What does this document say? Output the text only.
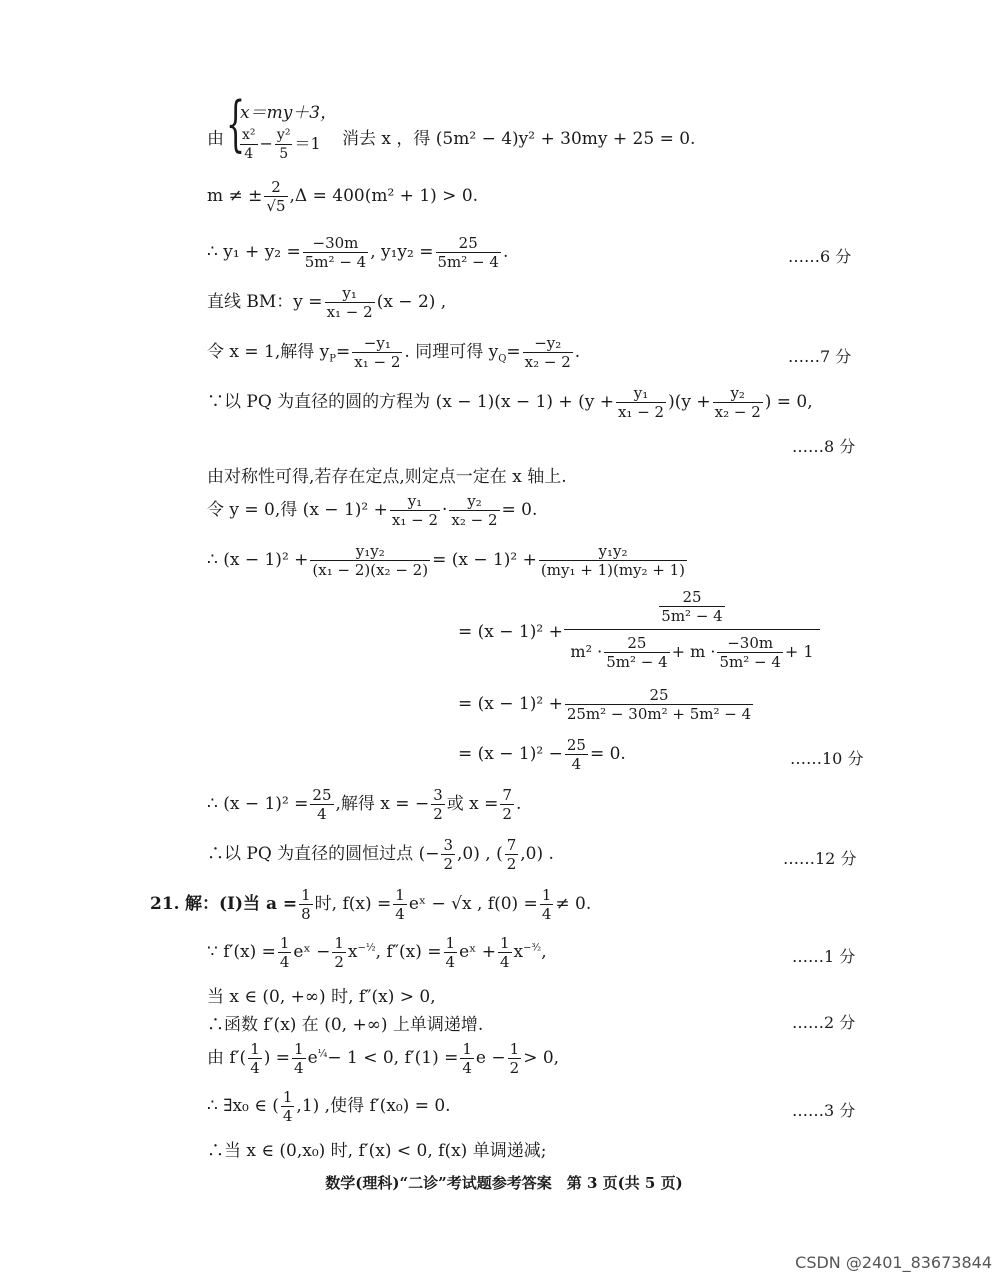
由 {
x＝my＋3，
$\frac{\text{x²}}{4} - \frac{\text{y²}}{5} =1$ 消去 x ，得 (5m² − 4)y² + 30my + 25 = 0.
m ≠ ± $\frac{2}{√5} ,\Delta = 400(m^2 + 1) > 0$.
∴ $y_1 + y_2 = \frac{-30m}{\text{5m² − 4}}$ , $y_1y_2 = \frac{25}{\text{5m² − 4}}$ .	……6 分
直线 BM：$y = \frac{\text{y₁}}{\text{x₁ − 2}} (x - 2)$ ,
令 x = 1,解得 $y_P= \frac{\text{−y₁}}{\text{x₁ − 2}}$ . 同理可得 $y_Q= \frac{\text{−y₂}}{\text{x₂ − 2}}$ .	……7 分
∵以 PQ 为直径的圆的方程为 $(x - 1)(x - 1) + (y + \frac{\text{y₁}}{\text{x₁ − 2}} )(y + \frac{\text{y₂}}{\text{x₂ − 2}}$ ) = 0,
……8 分
由对称性可得,若存在定点,则定点一定在 x 轴上.
令 y = 0,得 $(x - 1)^2 + \frac{\text{y₁}}{\text{x₁ − 2}} \cdot \frac{\text{y₂}}{\text{x₂ − 2}} = 0$.
∴ $(x - 1)^2 + \frac{\text{y₁y₂}}{\text{(x₁ − 2)(x₂ − 2)}} = (x - 1)^2 + \frac{\text{y₁y₂}}{\text{(my₁ + 1)(my₂ + 1)}}$
= (x − 1)² +
$\frac{25}{\text{5m² − 4}}$
$m^2 \cdot \frac{25}{\text{5m² − 4}} + m \cdot \frac{-30m}{\text{5m² − 4}} + 1$
= $(x - 1)^2 + \frac{25}{\text{25m² − 30m² + 5m² − 4}}$
= $(x - 1)^2 - \frac{25}{4} = 0$.	……10 分
∴ $(x - 1)^2 = \frac{25}{4}$ ,解得 x = − $\frac{3}{2}$ 或 $x = \frac{7}{2}$ .
∴以 PQ 为直径的圆恒过点 (− $\frac{3}{2} ,0$) , ( $\frac{7}{2} ,0$) .	……12 分
21. 解：(Ⅰ)当 $a = \frac{1}{8}$ 时, $f(x) = \frac{1}{4}$ eˣ − √x , $f(0) = \frac{1}{4} \ne 0$.
∵ $f'(x) = \frac{1}{4}$ eˣ − $\frac{1}{2} x^{-\frac{1}{2}}$, $f''(x) = \frac{1}{4}$ eˣ + $\frac{1}{4} x^{-^3⁄_2}$,	……1 分
当 x ∈ (0, +∞) 时, f″(x) > 0,
∴函数 f′(x) 在 (0, +∞) 上单调递增.	……2 分
由 $f'( \frac{1}{4}$ ) = $\frac{1}{4} e^{\frac{1}{4}}- 1 < 0$, $f'(1) = \frac{1}{4}$ $e - \frac{1}{2} > 0$,
∴ ∃x₀ ∈ ( $\frac{1}{4} ,1$) ,使得 f′(x₀) = 0.	……3 分
∴当 x ∈ (0,x₀) 时, f′(x) < 0, f(x) 单调递减;
数学(理科)“二诊”考试题参考答案　第 3 页(共 5 页)
CSDN @2401_83673844
